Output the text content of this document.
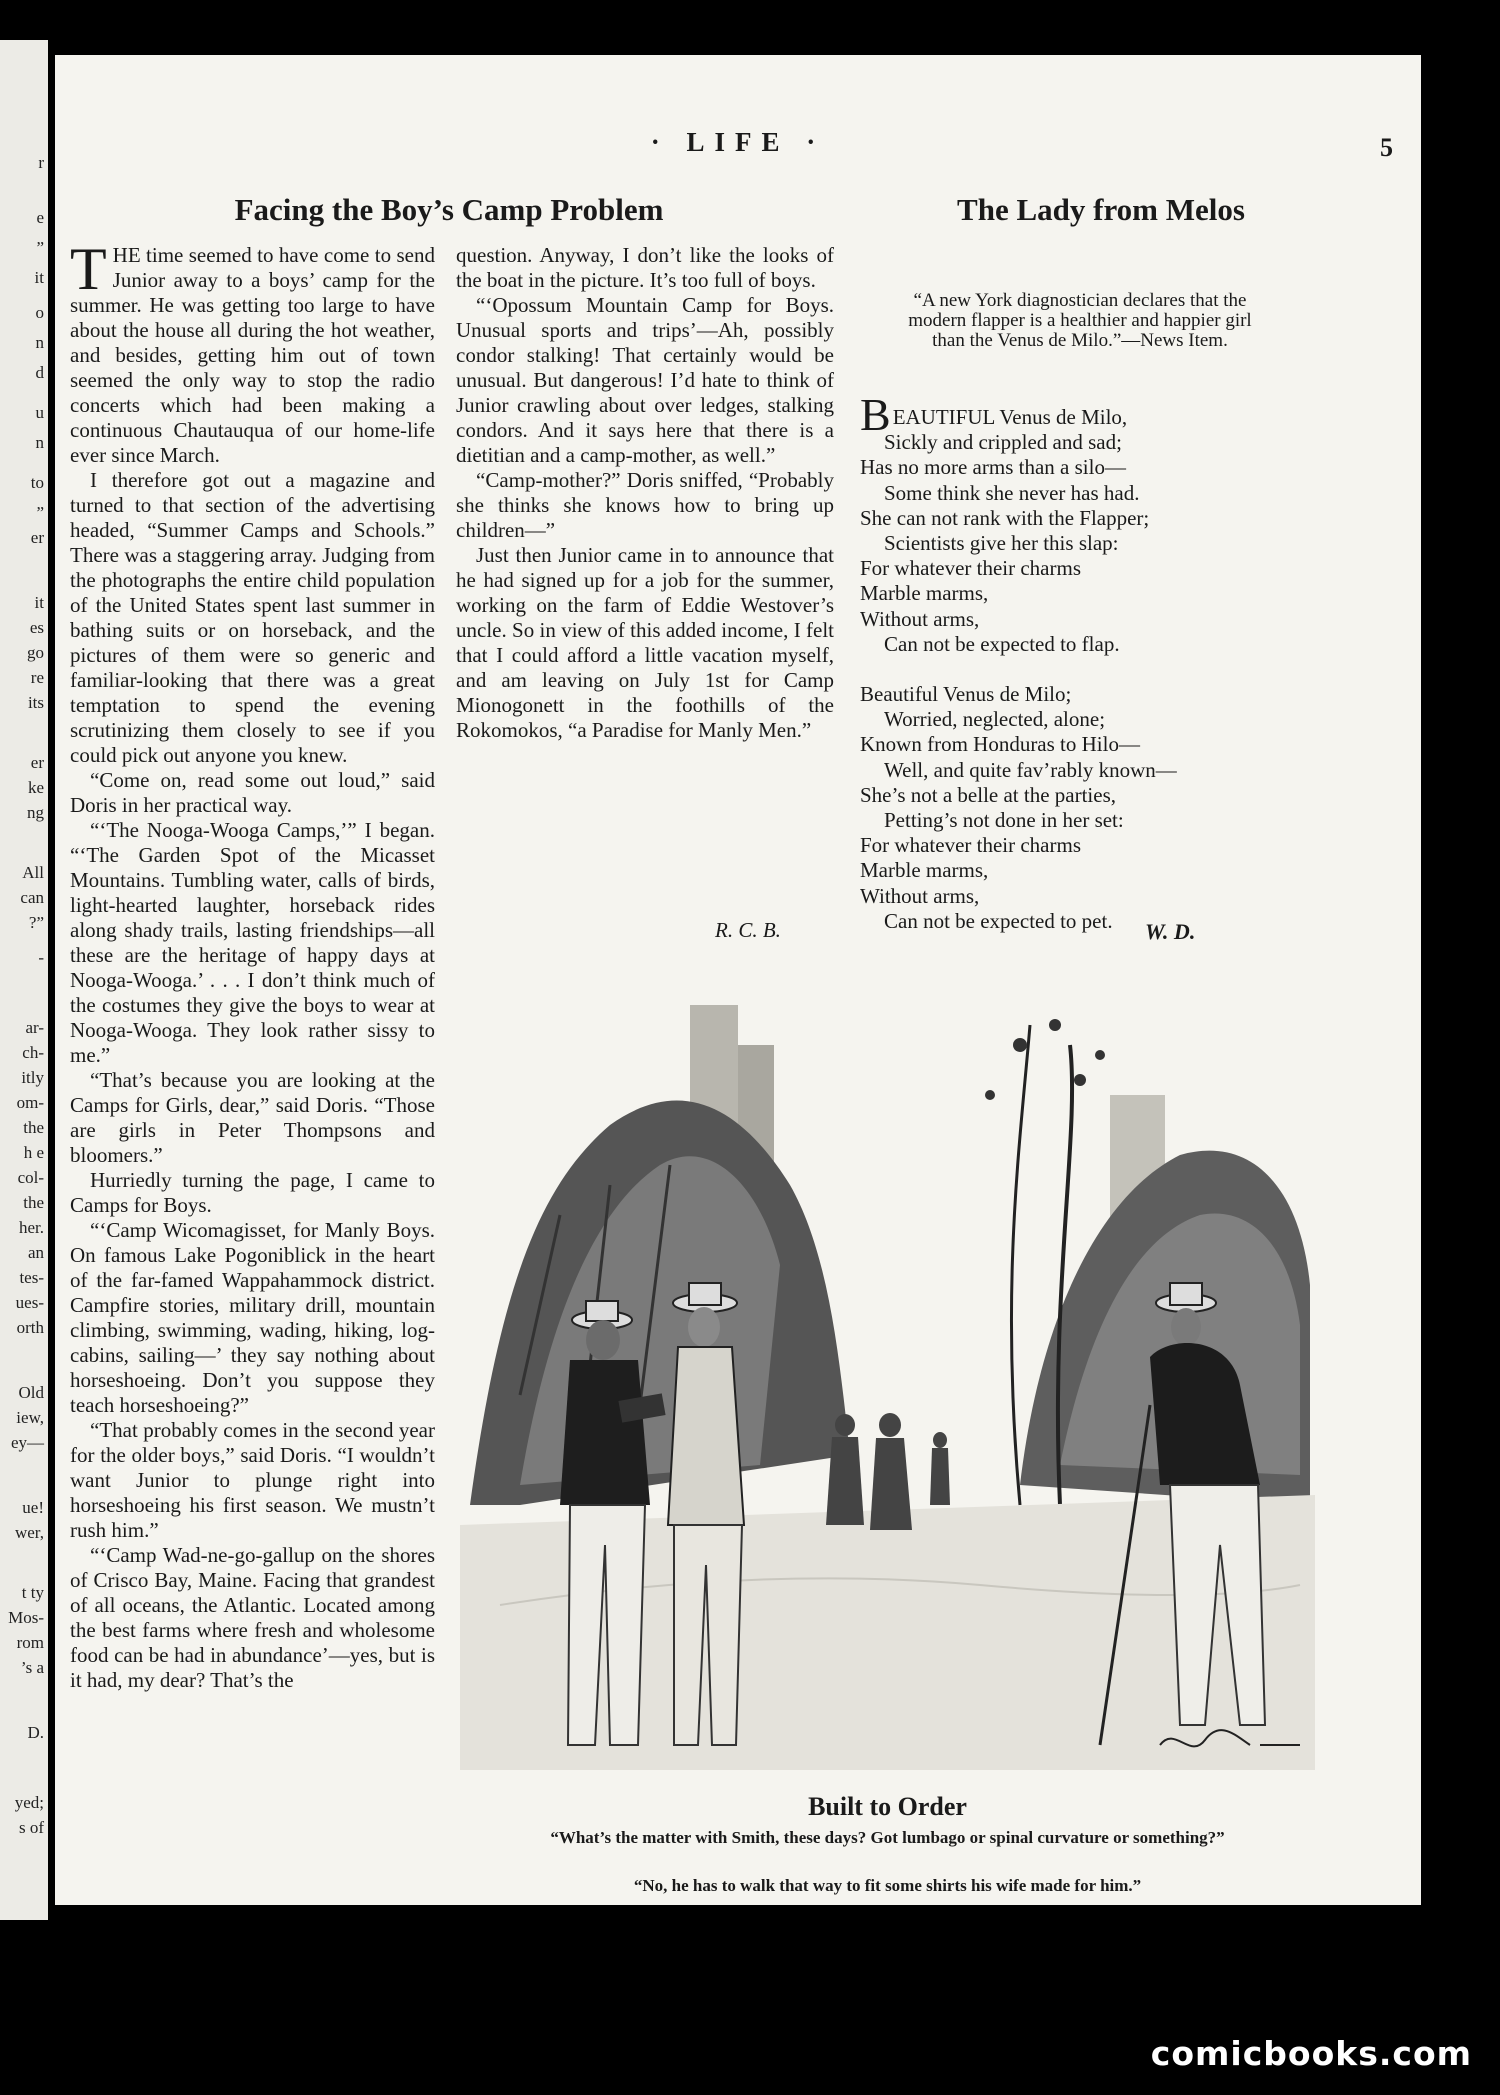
r
e
”
it
o
n
d
u
n
to
”
er
it
es
go
re
its
er
ke
ng
All
can
?”
-
ar-
ch-
itly
om-
the
h e
col-
the
her.
an
tes-
ues-
orth
Old
iew,
ey—
ue!
wer,
t ty
Mos-
rom
’s a
D.
yed;
s of
· LIFE ·	5
Facing the Boy’s Camp Problem	The Lady from Melos

THE time seemed to have come to send Junior away to a boys’ camp for the summer. He was getting too large to have about the house all during the hot weather, and besides, getting him out of town seemed the only way to stop the radio concerts which had been making a continuous Chautauqua of our home-life ever since March.

I therefore got out a magazine and turned to that section of the advertising headed, “Summer Camps and Schools.” There was a staggering array. Judging from the photographs the entire child population of the United States spent last summer in bathing suits or on horseback, and the pictures of them were so generic and familiar-looking that there was a great temptation to spend the evening scrutinizing them closely to see if you could pick out anyone you knew.

“Come on, read some out loud,” said Doris in her practical way.

“‘The Nooga-Wooga Camps,’” I began. “‘The Garden Spot of the Micasset Mountains. Tumbling water, calls of birds, light-hearted laughter, horseback rides along shady trails, lasting friendships—all these are the heritage of happy days at Nooga-Wooga.’ . . . I don’t think much of the costumes they give the boys to wear at Nooga-Wooga. They look rather sissy to me.”

“That’s because you are looking at the Camps for Girls, dear,” said Doris. “Those are girls in Peter Thompsons and bloomers.”

Hurriedly turning the page, I came to Camps for Boys.

“‘Camp Wicomagisset, for Manly Boys. On famous Lake Pogoniblick in the heart of the far-famed Wappahammock district. Campfire stories, military drill, mountain climbing, swimming, wading, hiking, log-cabins, sailing—’ they say nothing about horseshoeing. Don’t you suppose they teach horseshoeing?”

“That probably comes in the second year for the older boys,” said Doris. “I wouldn’t want Junior to plunge right into horseshoeing his first season. We mustn’t rush him.”

“‘Camp Wad-ne-go-gallup on the shores of Crisco Bay, Maine. Facing that grandest of all oceans, the Atlantic. Located among the best farms where fresh and wholesome food can be had in abundance’—yes, but is it had, my dear? That’s the

question. Anyway, I don’t like the looks of the boat in the picture. It’s too full of boys.

“‘Opossum Mountain Camp for Boys. Unusual sports and trips’—Ah, possibly condor stalking! That certainly would be unusual. But dangerous! I’d hate to think of Junior crawling about over ledges, stalking condors. And it says here that there is a dietitian and a camp-mother, as well.”

“Camp-mother?” Doris sniffed, “Probably she thinks she knows how to bring up children—”

Just then Junior came in to announce that he had signed up for a job for the summer, working on the farm of Eddie Westover’s uncle. So in view of this added income, I felt that I could afford a little vacation myself, and am leaving on July 1st for Camp Mionogonett in the foothills of the Rokomokos, “a Paradise for Manly Men.”

R. C. B.
“A new York diagnostician declares that the modern flapper is a healthier and happier girl than the Venus de Milo.”—News Item.
BEAUTIFUL Venus de Milo,
Sickly and crippled and sad;
Has no more arms than a silo—
Some think she never has had.
She can not rank with the Flapper;
Scientists give her this slap:
For whatever their charms
Marble marms,
Without arms,
Can not be expected to flap.
Beautiful Venus de Milo;
Worried, neglected, alone;
Known from Honduras to Hilo—
Well, and quite fav’rably known—
She’s not a belle at the parties,
Petting’s not done in her set:
For whatever their charms
Marble marms,
Without arms,
Can not be expected to pet.	W. D.
Built to Order
“What’s the matter with Smith, these days? Got lumbago or spinal curvature or something?”
“No, he has to walk that way to fit some shirts his wife made for him.”
comicbooks.com
